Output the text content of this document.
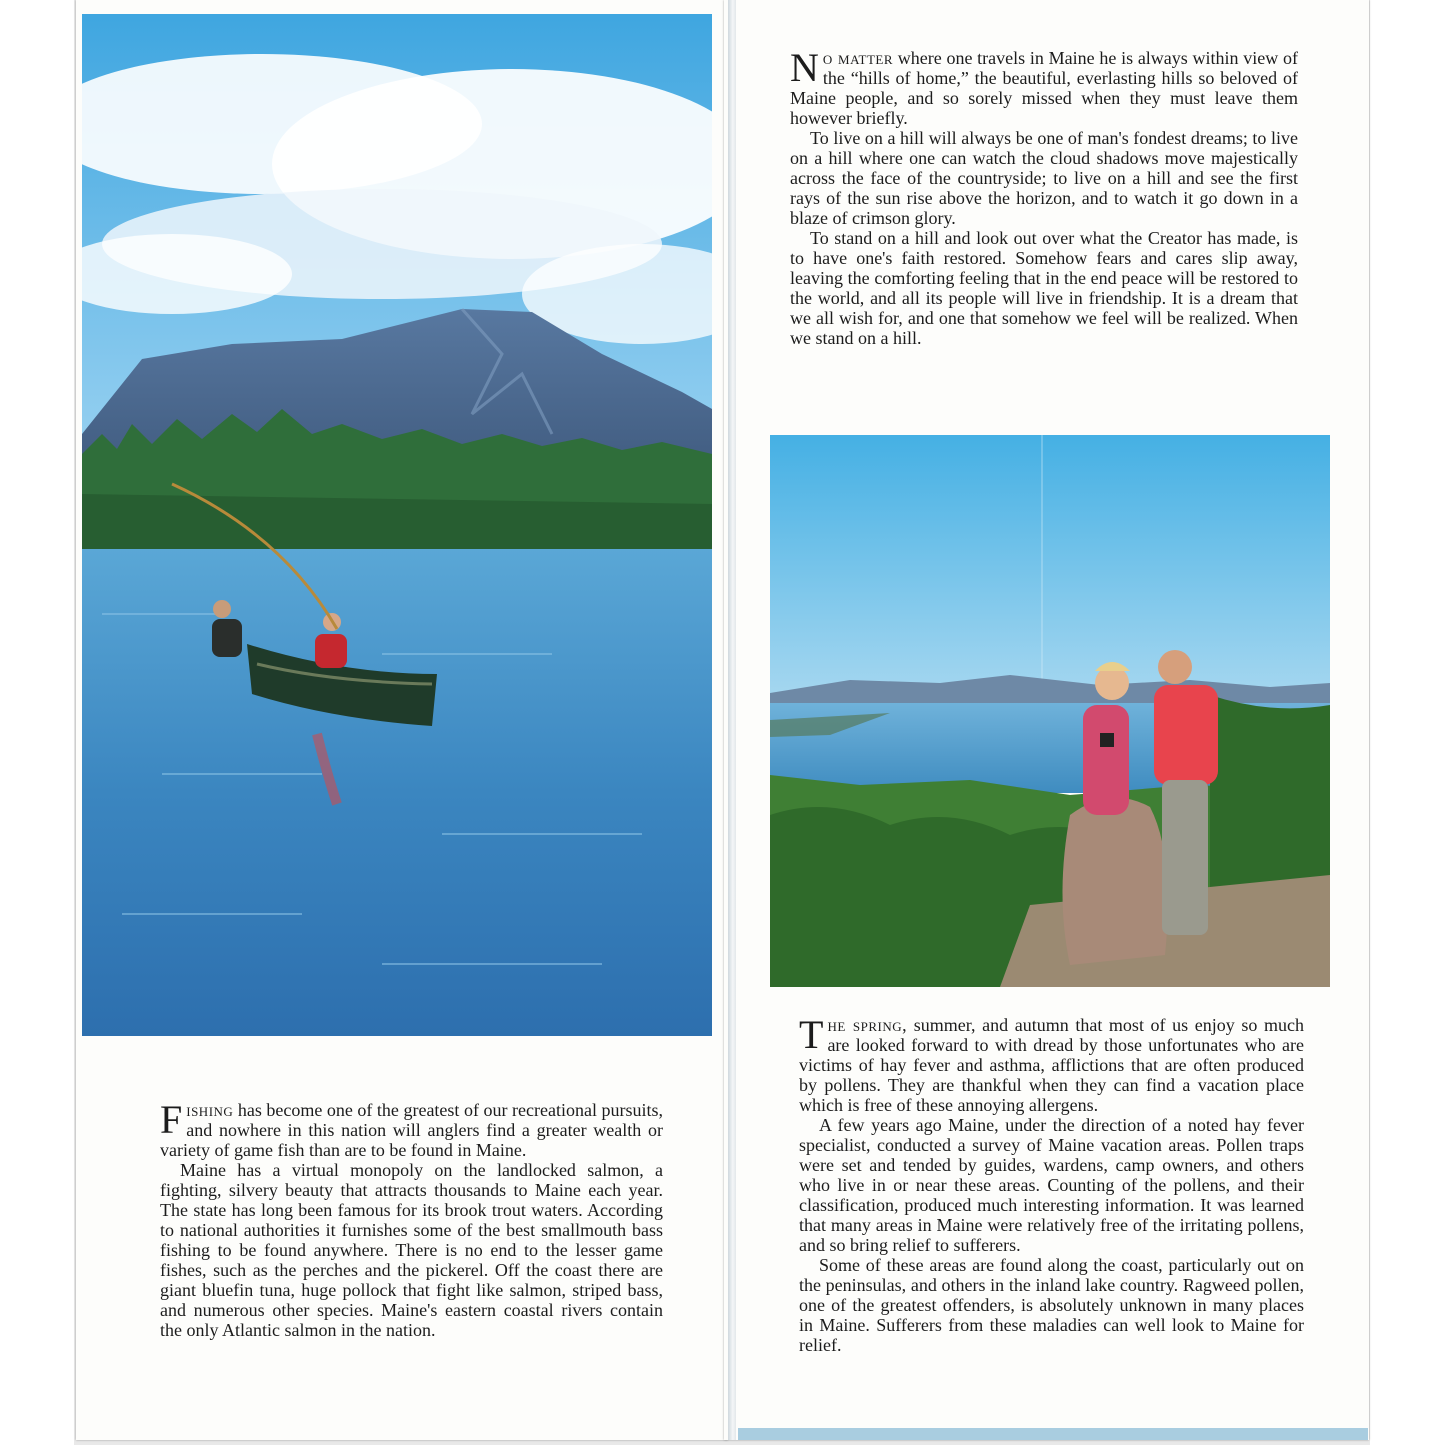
Fishing has become one of the greatest of our recreational pursuits, and nowhere in this nation will anglers find a greater wealth or variety of game fish than are to be found in Maine.

Maine has a virtual monopoly on the landlocked salmon, a fighting, silvery beauty that attracts thousands to Maine each year. The state has long been famous for its brook trout waters. According to national authorities it furnishes some of the best smallmouth bass fishing to be found anywhere. There is no end to the lesser game fishes, such as the perches and the pickerel. Off the coast there are giant bluefin tuna, huge pollock that fight like salmon, striped bass, and numerous other species. Maine's eastern coastal rivers contain the only Atlantic salmon in the nation.

No matter where one travels in Maine he is always within view of the “hills of home,” the beautiful, everlasting hills so beloved of Maine people, and so sorely missed when they must leave them however briefly.

To live on a hill will always be one of man's fondest dreams; to live on a hill where one can watch the cloud shadows move majestically across the face of the countryside; to live on a hill and see the first rays of the sun rise above the horizon, and to watch it go down in a blaze of crimson glory.

To stand on a hill and look out over what the Creator has made, is to have one's faith restored. Somehow fears and cares slip away, leaving the comforting feeling that in the end peace will be restored to the world, and all its people will live in friendship. It is a dream that we all wish for, and one that somehow we feel will be realized. When we stand on a hill.

The spring, summer, and autumn that most of us enjoy so much are looked forward to with dread by those unfortunates who are victims of hay fever and asthma, afflictions that are often produced by pollens. They are thankful when they can find a vacation place which is free of these annoying allergens.

A few years ago Maine, under the direction of a noted hay fever specialist, conducted a survey of Maine vacation areas. Pollen traps were set and tended by guides, wardens, camp owners, and others who live in or near these areas. Counting of the pollens, and their classification, produced much interesting information. It was learned that many areas in Maine were relatively free of the irritating pollens, and so bring relief to sufferers.

Some of these areas are found along the coast, particularly out on the peninsulas, and others in the inland lake country. Ragweed pollen, one of the greatest offenders, is absolutely unknown in many places in Maine. Sufferers from these maladies can well look to Maine for relief.
